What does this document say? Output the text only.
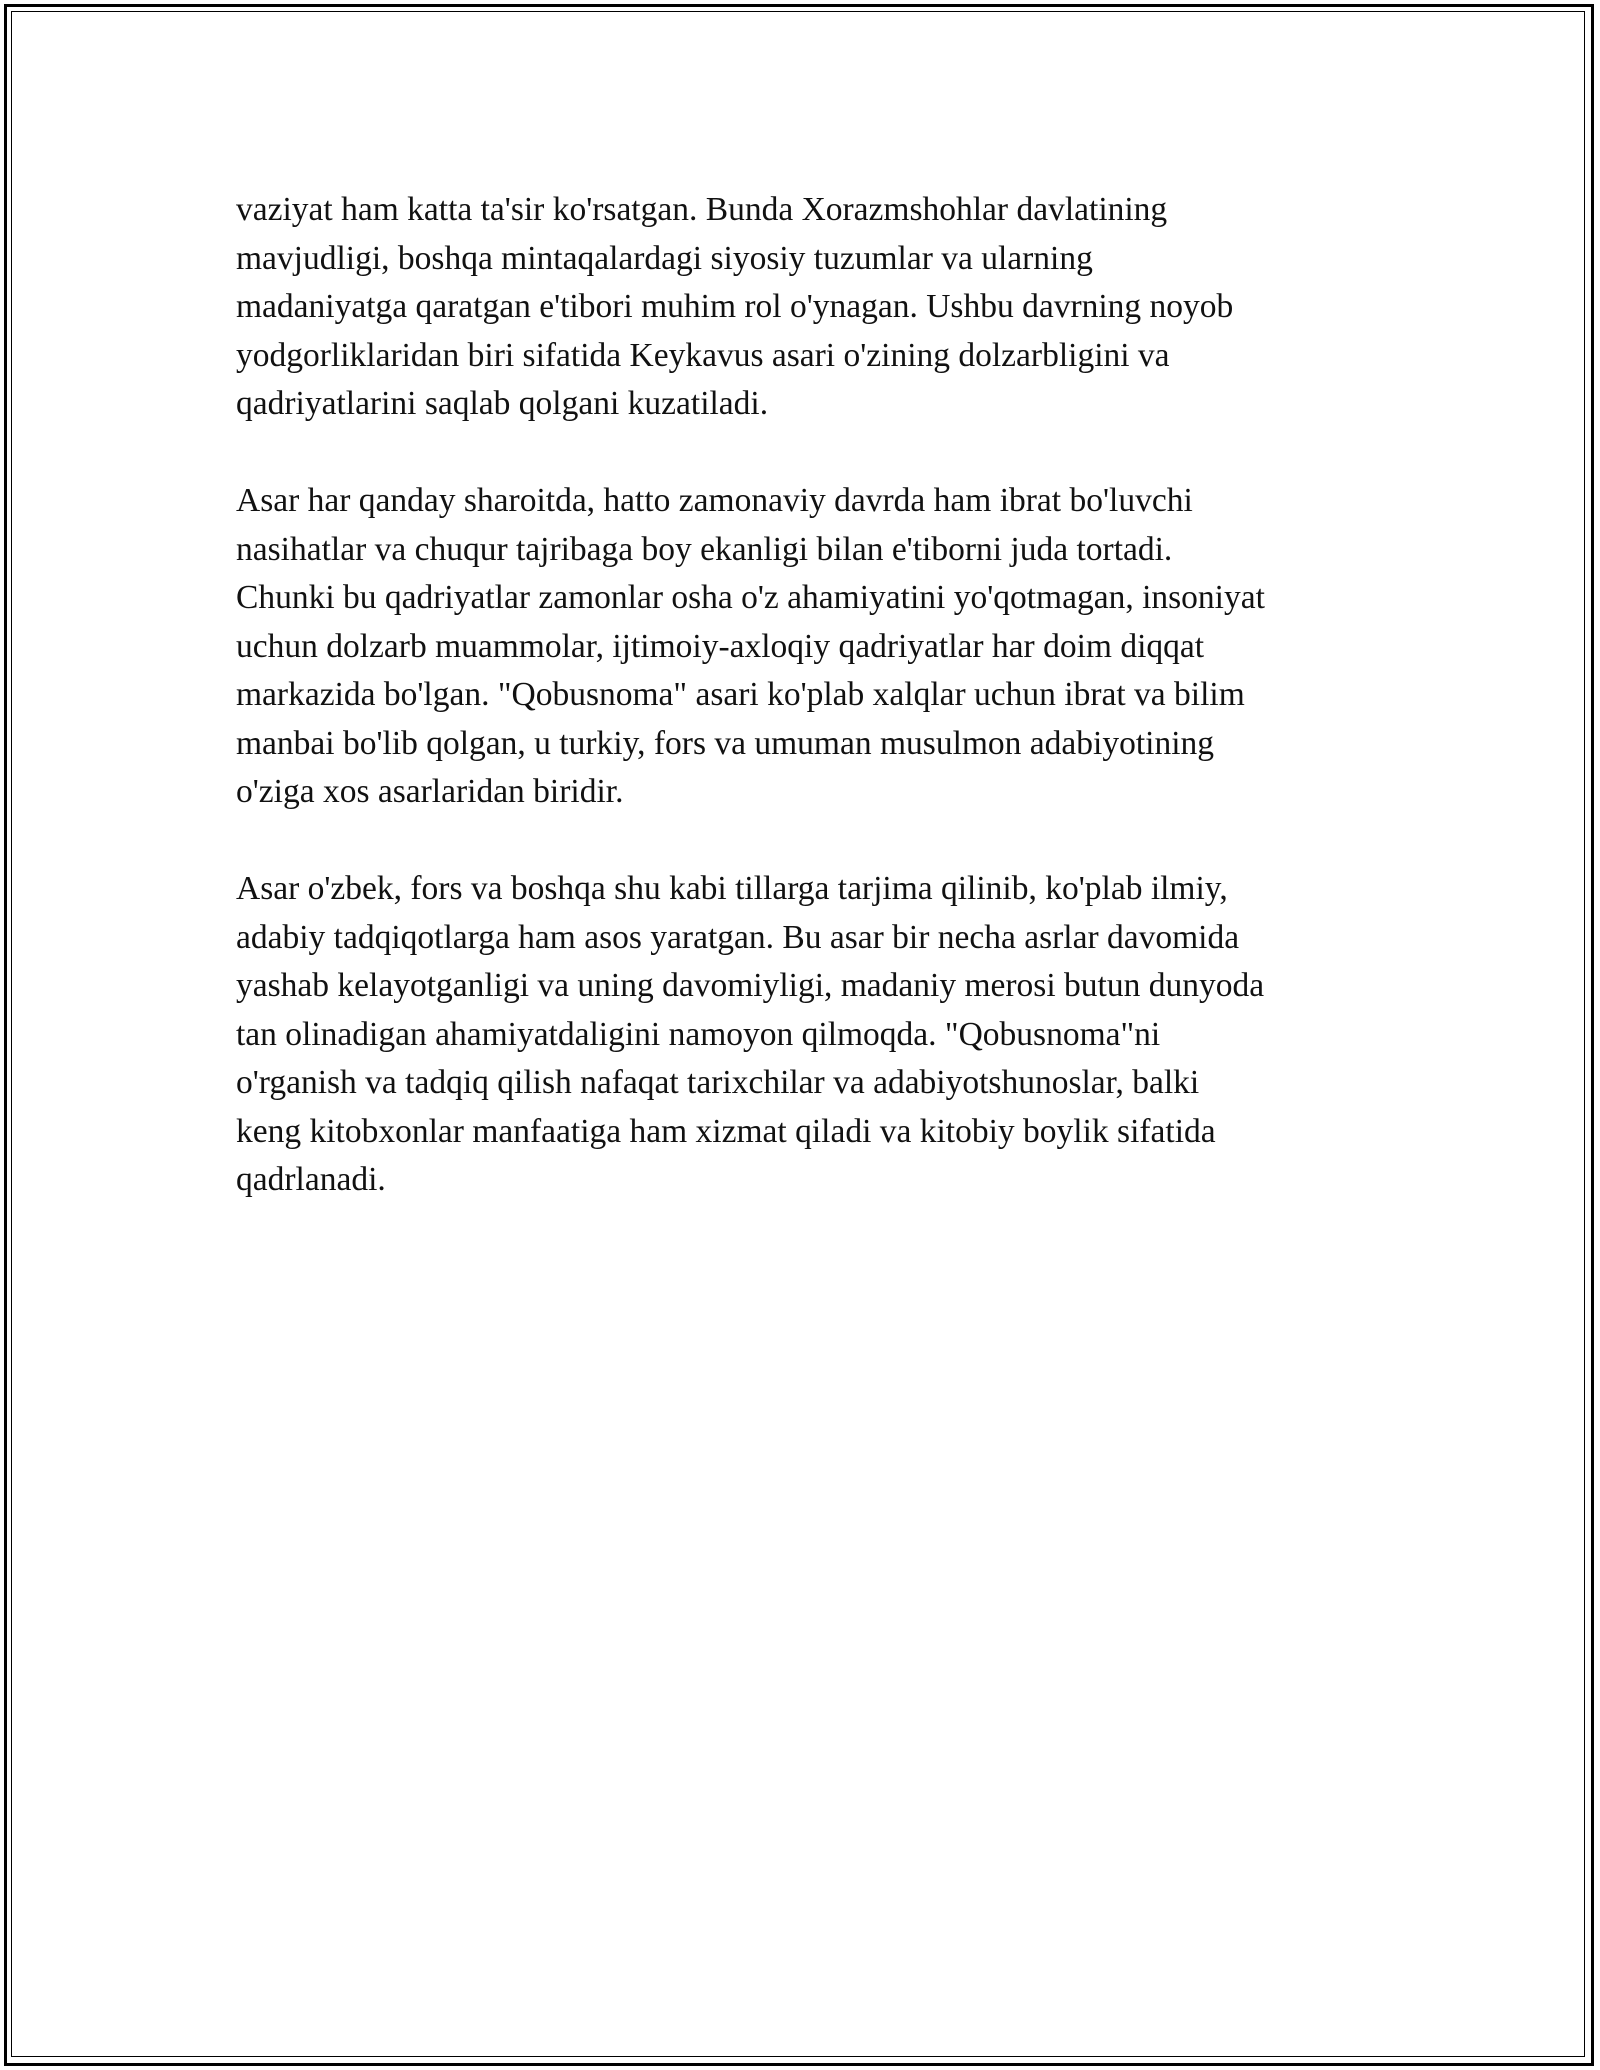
vaziyat ham katta ta'sir ko'rsatgan. Bunda Xorazmshohlar davlatining
mavjudligi, boshqa mintaqalardagi siyosiy tuzumlar va ularning
madaniyatga qaratgan e'tibori muhim rol o'ynagan. Ushbu davrning noyob
yodgorliklaridan biri sifatida Keykavus asari o'zining dolzarbligini va
qadriyatlarini saqlab qolgani kuzatiladi.

Asar har qanday sharoitda, hatto zamonaviy davrda ham ibrat bo'luvchi
nasihatlar va chuqur tajribaga boy ekanligi bilan e'tiborni juda tortadi.
Chunki bu qadriyatlar zamonlar osha o'z ahamiyatini yo'qotmagan, insoniyat
uchun dolzarb muammolar, ijtimoiy-axloqiy qadriyatlar har doim diqqat
markazida bo'lgan. "Qobusnoma" asari ko'plab xalqlar uchun ibrat va bilim
manbai bo'lib qolgan, u turkiy, fors va umuman musulmon adabiyotining
o'ziga xos asarlaridan biridir.

Asar o'zbek, fors va boshqa shu kabi tillarga tarjima qilinib, ko'plab ilmiy,
adabiy tadqiqotlarga ham asos yaratgan. Bu asar bir necha asrlar davomida
yashab kelayotganligi va uning davomiyligi, madaniy merosi butun dunyoda
tan olinadigan ahamiyatdaligini namoyon qilmoqda. "Qobusnoma"ni
o'rganish va tadqiq qilish nafaqat tarixchilar va adabiyotshunoslar, balki
keng kitobxonlar manfaatiga ham xizmat qiladi va kitobiy boylik sifatida
qadrlanadi.
